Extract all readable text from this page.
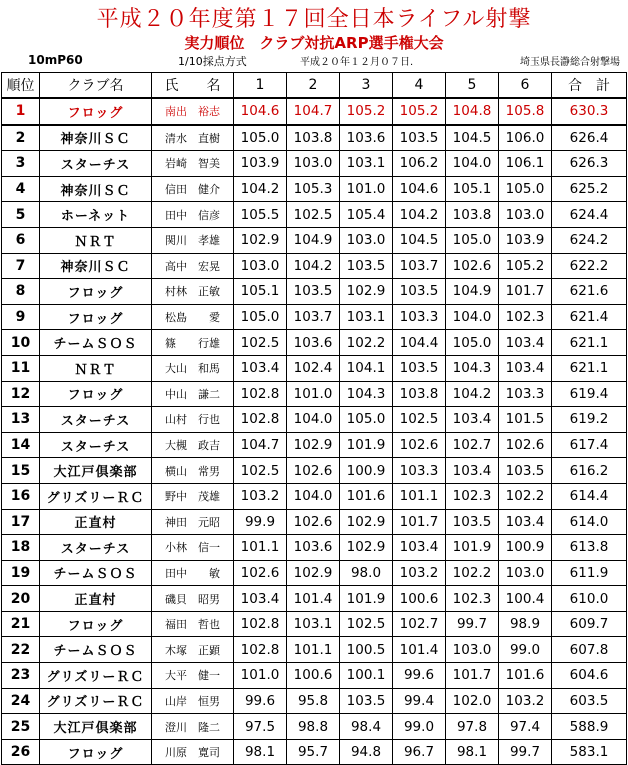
平成２０年度第１７回全日本ライフル射撃
実力順位　クラブ対抗ARP選手権大会
10mP60	1/10採点方式	平成２０年１２月０７日.	埼玉県長瀞総合射撃場
順位	クラブ名	氏　　名	1	2	3	4	5	6	合　計
1	フロッグ	南出　裕志	104.6	104.7	105.2	105.2	104.8	105.8	630.3
2	神奈川ＳＣ	清水　直樹	105.0	103.8	103.6	103.5	104.5	106.0	626.4
3	スターチス	岩崎　智美	103.9	103.0	103.1	106.2	104.0	106.1	626.3
4	神奈川ＳＣ	信田　健介	104.2	105.3	101.0	104.6	105.1	105.0	625.2
5	ホーネット	田中　信彦	105.5	102.5	105.4	104.2	103.8	103.0	624.4
6	ＮＲＴ	関川　孝雄	102.9	104.9	103.0	104.5	105.0	103.9	624.2
7	神奈川ＳＣ	高中　宏晃	103.0	104.2	103.5	103.7	102.6	105.2	622.2
8	フロッグ	村林　正敏	105.1	103.5	102.9	103.5	104.9	101.7	621.6
9	フロッグ	松島　　愛	105.0	103.7	103.1	103.3	104.0	102.3	621.4
10	チームＳＯＳ	篠　　行雄	102.5	103.6	102.2	104.4	105.0	103.4	621.1
11	ＮＲＴ	大山　和馬	103.4	102.4	104.1	103.5	104.3	103.4	621.1
12	フロッグ	中山　謙二	102.8	101.0	104.3	103.8	104.2	103.3	619.4
13	スターチス	山村　行也	102.8	104.0	105.0	102.5	103.4	101.5	619.2
14	スターチス	大槻　政吉	104.7	102.9	101.9	102.6	102.7	102.6	617.4
15	大江戸倶楽部	横山　常男	102.5	102.6	100.9	103.3	103.4	103.5	616.2
16	グリズリーＲＣ	野中　茂雄	103.2	104.0	101.6	101.1	102.3	102.2	614.4
17	正直村	神田　元昭	99.9	102.6	102.9	101.7	103.5	103.4	614.0
18	スターチス	小林　信一	101.1	103.6	102.9	103.4	101.9	100.9	613.8
19	チームＳＯＳ	田中　　敏	102.6	102.9	98.0	103.2	102.2	103.0	611.9
20	正直村	磯貝　昭男	103.4	101.4	101.9	100.6	102.3	100.4	610.0
21	フロッグ	福田　哲也	102.8	103.1	102.5	102.7	99.7	98.9	609.7
22	チームＳＯＳ	木塚　正顕	102.8	101.1	100.5	101.4	103.0	99.0	607.8
23	グリズリーＲＣ	大平　健一	101.0	100.6	100.1	99.6	101.7	101.6	604.6
24	グリズリーＲＣ	山岸　恒男	99.6	95.8	103.5	99.4	102.0	103.2	603.5
25	大江戸倶楽部	澄川　隆二	97.5	98.8	98.4	99.0	97.8	97.4	588.9
26	フロッグ	川原　寛司	98.1	95.7	94.8	96.7	98.1	99.7	583.1
